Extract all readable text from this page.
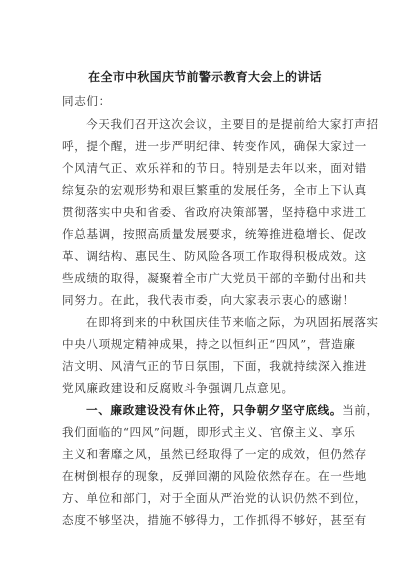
在全市中秋国庆节前警示教育大会上的讲话
同志们：
今天我们召开这次会议，主要目的是提前给大家打声招
呼，提个醒，进一步严明纪律、转变作风，确保大家过一
个风清气正、欢乐祥和的节日。特别是去年以来，面对错
综复杂的宏观形势和艰巨繁重的发展任务，全市上下认真
贯彻落实中央和省委、省政府决策部署，坚持稳中求进工
作总基调，按照高质量发展要求，统筹推进稳增长、促改
革、调结构、惠民生、防风险各项工作取得积极成效。这
些成绩的取得，凝聚着全市广大党员干部的辛勤付出和共
同努力。在此，我代表市委，向大家表示衷心的感谢！
在即将到来的中秋国庆佳节来临之际，为巩固拓展落实
中央八项规定精神成果，持之以恒纠正“四风”，营造廉
洁文明、风清气正的节日氛围，下面，我就持续深入推进
党风廉政建设和反腐败斗争强调几点意见。
一、廉政建设没有休止符，只争朝夕坚守底线。当前，
我们面临的“四风”问题，即形式主义、官僚主义、享乐
主义和奢靡之风，虽然已经取得了一定的成效，但仍然存
在树倒根存的现象，反弹回潮的风险依然存在。在一些地
方、单位和部门，对于全面从严治党的认识仍然不到位，
态度不够坚决，措施不够得力，工作抓得不够好，甚至有
